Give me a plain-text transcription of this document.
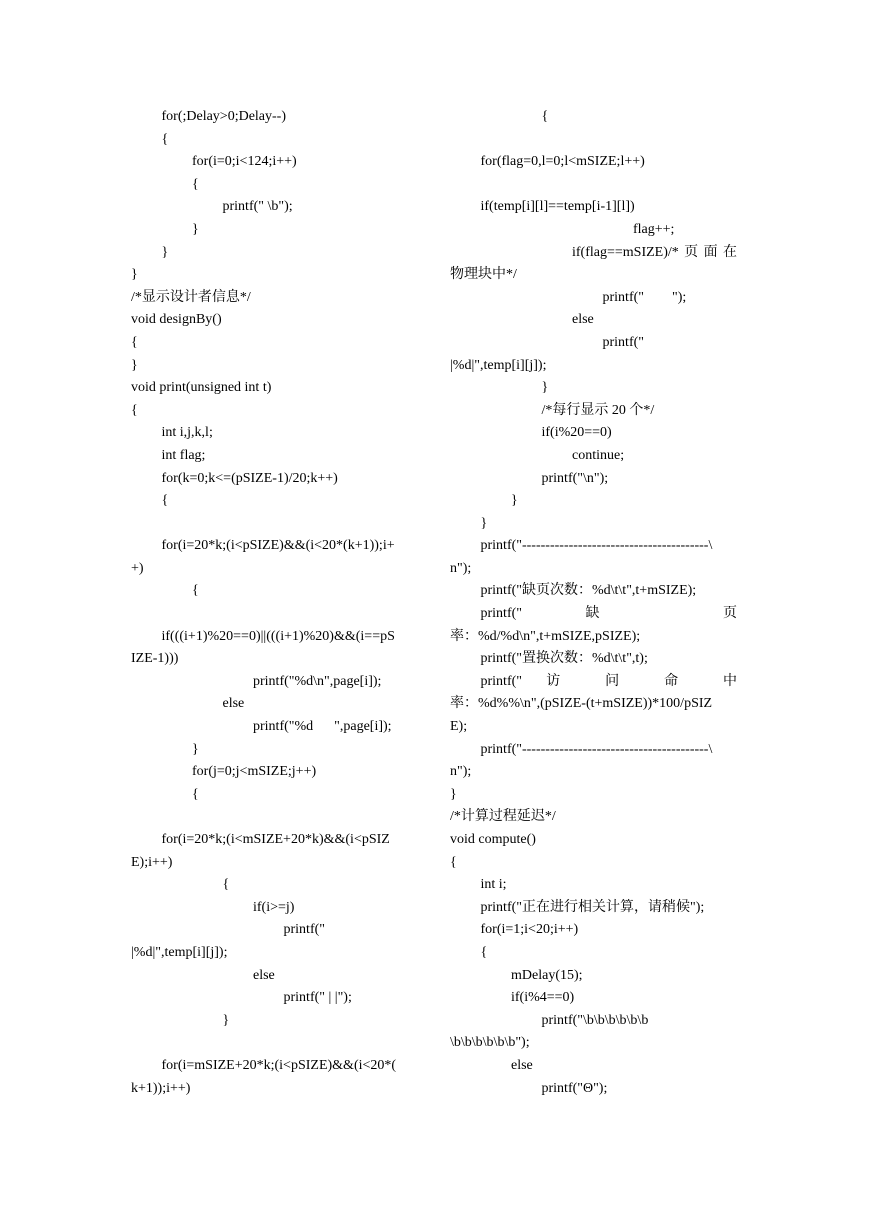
for(;Delay>0;Delay--)
{
for(i=0;i<124;i++)
{
printf(" \b");
}
}
}
/*显示设计者信息*/
void designBy()
{
}
void print(unsigned int t)
{
int i,j,k,l;
int flag;
for(k=0;k<=(pSIZE-1)/20;k++)
{
for(i=20*k;(i<pSIZE)&&(i<20*(k+1));i+
+)
{
if(((i+1)%20==0)||(((i+1)%20)&&(i==pS
IZE-1)))
printf("%d\n",page[i]);
else
printf("%d      ",page[i]);
}
for(j=0;j<mSIZE;j++)
{
for(i=20*k;(i<mSIZE+20*k)&&(i<pSIZ
E);i++)
{
if(i>=j)
printf("
|%d|",temp[i][j]);
else
printf(" | |");
}
for(i=mSIZE+20*k;(i<pSIZE)&&(i<20*(
k+1));i++)
{
for(flag=0,l=0;l<mSIZE;l++)
if(temp[i][l]==temp[i-1][l])
flag++;
if(flag==mSIZE)/*页面在
物理块中*/
printf("        ");
else
printf("
|%d|",temp[i][j]);
}
/*每行显示 20 个*/
if(i%20==0)
continue;
printf("\n");
}
}
printf("----------------------------------------\
n");
printf("缺页次数：%d\t\t",t+mSIZE);
printf(" 缺 页
率：%d/%d\n",t+mSIZE,pSIZE);
printf("置换次数：%d\t\t",t);
printf(" 访 问 命 中
率：%d%%\n",(pSIZE-(t+mSIZE))*100/pSIZ
E);
printf("----------------------------------------\
n");
}
/*计算过程延迟*/
void compute()
{
int i;
printf("正在进行相关计算，请稍候");
for(i=1;i<20;i++)
{
mDelay(15);
if(i%4==0)
printf("\b\b\b\b\b\b
\b\b\b\b\b\b");
else
printf("Θ");
